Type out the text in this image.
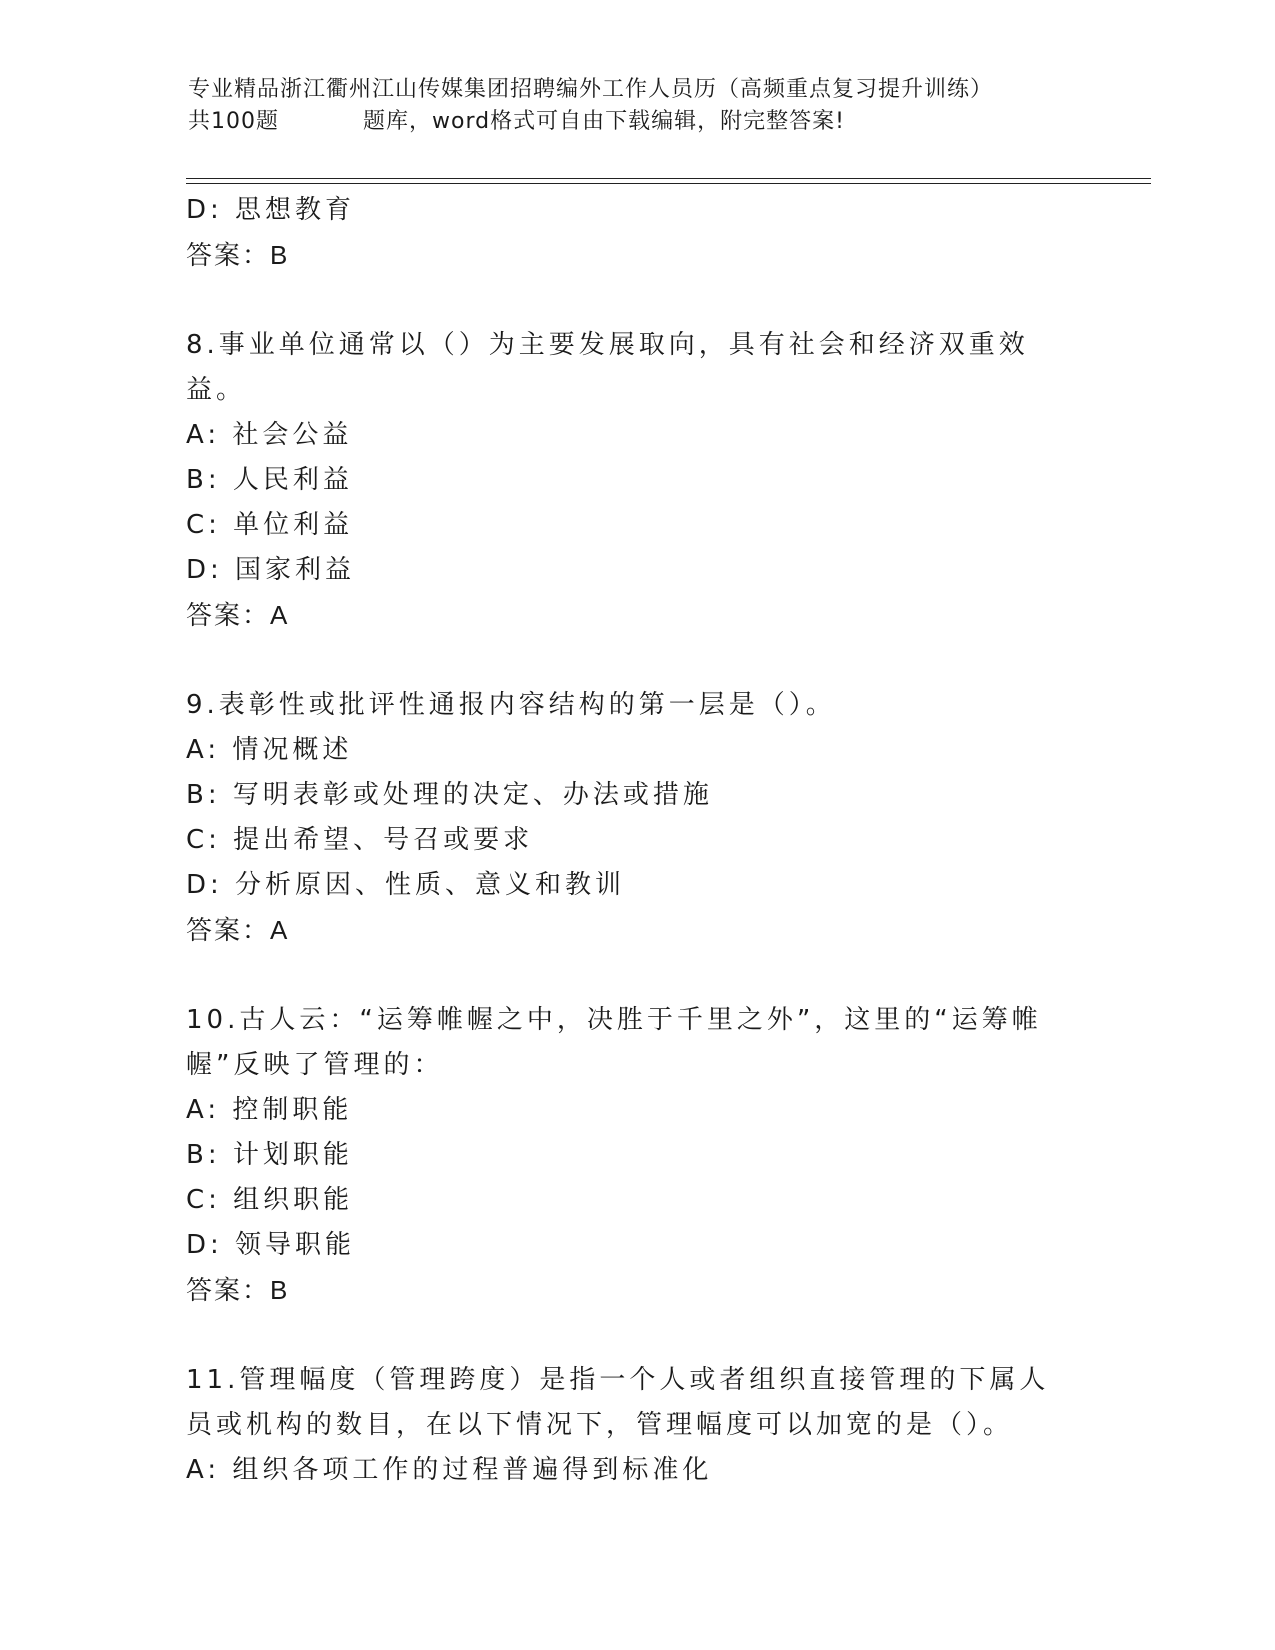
专业精品浙江衢州江山传媒集团招聘编外工作人员历（高频重点复习提升训练）
共100题	题库，word格式可自由下载编辑，附完整答案!
D: 思想教育
答案：B
8.事业单位通常以（）为主要发展取向，具有社会和经济双重效益。
A: 社会公益
B: 人民利益
C: 单位利益
D: 国家利益
答案：A
9.表彰性或批评性通报内容结构的第一层是（）。
A: 情况概述
B: 写明表彰或处理的决定、办法或措施
C: 提出希望、号召或要求
D: 分析原因、性质、意义和教训
答案：A
10.古人云：“运筹帷幄之中，决胜于千里之外”，这里的“运筹帷幄”反映了管理的：
A: 控制职能
B: 计划职能
C: 组织职能
D: 领导职能
答案：B
11.管理幅度（管理跨度）是指一个人或者组织直接管理的下属人员或机构的数目，在以下情况下，管理幅度可以加宽的是（）。
A: 组织各项工作的过程普遍得到标准化
